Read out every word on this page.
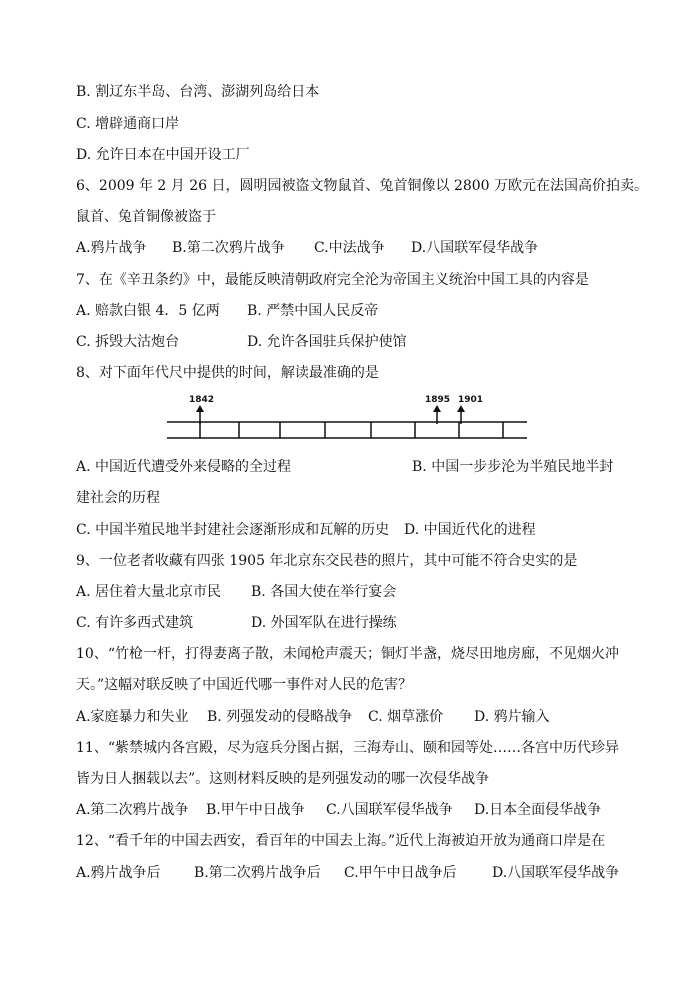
B. 割辽东半岛、台湾、澎湖列岛给日本
C. 增辟通商口岸
D. 允许日本在中国开设工厂
6、2009 年 2 月 26 日，圆明园被盗文物鼠首、兔首铜像以 2800 万欧元在法国高价拍卖。
鼠首、兔首铜像被盗于
A.鸦片战争 B.第二次鸦片战争 C.中法战争 D.八国联军侵华战争
7、在《辛丑条约》中，最能反映清朝政府完全沦为帝国主义统治中国工具的内容是
A. 赔款白银 4．5 亿两 B. 严禁中国人民反帝
C. 拆毁大沽炮台	D. 允许各国驻兵保护使馆
8、对下面年代尺中提供的时间，解读最准确的是
1842	1895 1901
A. 中国近代遭受外来侵略的全过程	B. 中国一步步沦为半殖民地半封
建社会的历程
C. 中国半殖民地半封建社会逐渐形成和瓦解的历史 D. 中国近代化的进程
9、一位老者收藏有四张 1905 年北京东交民巷的照片，其中可能不符合史实的是
A. 居住着大量北京市民 B. 各国大使在举行宴会
C. 有许多西式建筑	D. 外国军队在进行操练
10、“竹枪一杆，打得妻离子散，未闻枪声震天；铜灯半盏，烧尽田地房廊，不见烟火冲
天。”这幅对联反映了中国近代哪一事件对人民的危害？
A.家庭暴力和失业 B. 列强发动的侵略战争 C. 烟草涨价 D. 鸦片输入
11、“紫禁城内各宫殿，尽为寇兵分图占据，三海寿山、颐和园等处……各宫中历代珍异
皆为日人捆载以去”。这则材料反映的是列强发动的哪一次侵华战争
A.第二次鸦片战争 B.甲午中日战争 C.八国联军侵华战争 D.日本全面侵华战争
12、“看千年的中国去西安，看百年的中国去上海。”近代上海被迫开放为通商口岸是在
A.鸦片战争后 B.第二次鸦片战争后 C.甲午中日战争后	D.八国联军侵华战争
